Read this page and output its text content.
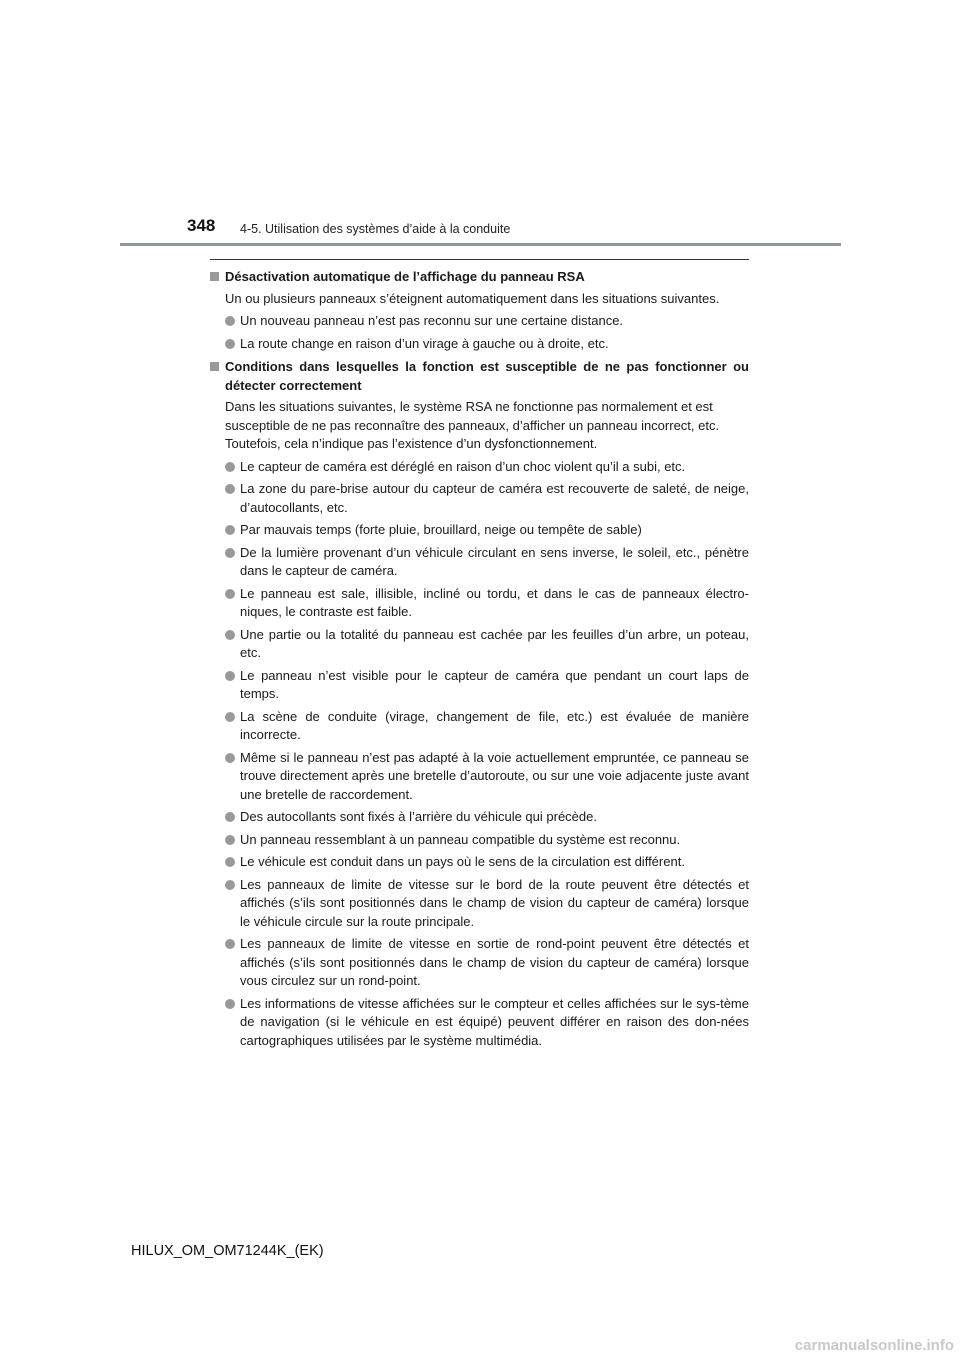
348 4-5. Utilisation des systèmes d’aide à la conduite
Désactivation automatique de l’affichage du panneau RSA
Un ou plusieurs panneaux s’éteignent automatiquement dans les situations suivantes.
Un nouveau panneau n’est pas reconnu sur une certaine distance.
La route change en raison d’un virage à gauche ou à droite, etc.
Conditions dans lesquelles la fonction est susceptible de ne pas fonctionner ou détecter correctement
Dans les situations suivantes, le système RSA ne fonctionne pas normalement et est
susceptible de ne pas reconnaître des panneaux, d’afficher un panneau incorrect, etc.
Toutefois, cela n’indique pas l’existence d’un dysfonctionnement.
Le capteur de caméra est déréglé en raison d’un choc violent qu’il a subi, etc.
La zone du pare-brise autour du capteur de caméra est recouverte de saleté, de neige, d’autocollants, etc.
Par mauvais temps (forte pluie, brouillard, neige ou tempête de sable)
De la lumière provenant d’un véhicule circulant en sens inverse, le soleil, etc., pénètre dans le capteur de caméra.
Le panneau est sale, illisible, incliné ou tordu, et dans le cas de panneaux électro-niques, le contraste est faible.
Une partie ou la totalité du panneau est cachée par les feuilles d’un arbre, un poteau, etc.
Le panneau n’est visible pour le capteur de caméra que pendant un court laps de temps.
La scène de conduite (virage, changement de file, etc.) est évaluée de manière incorrecte.
Même si le panneau n’est pas adapté à la voie actuellement empruntée, ce panneau se trouve directement après une bretelle d’autoroute, ou sur une voie adjacente juste avant une bretelle de raccordement.
Des autocollants sont fixés à l’arrière du véhicule qui précède.
Un panneau ressemblant à un panneau compatible du système est reconnu.
Le véhicule est conduit dans un pays où le sens de la circulation est différent.
Les panneaux de limite de vitesse sur le bord de la route peuvent être détectés et affichés (s’ils sont positionnés dans le champ de vision du capteur de caméra) lorsque le véhicule circule sur la route principale.
Les panneaux de limite de vitesse en sortie de rond-point peuvent être détectés et affichés (s’ils sont positionnés dans le champ de vision du capteur de caméra) lorsque vous circulez sur un rond-point.
Les informations de vitesse affichées sur le compteur et celles affichées sur le sys-tème de navigation (si le véhicule en est équipé) peuvent différer en raison des don-nées cartographiques utilisées par le système multimédia.
HILUX_OM_OM71244K_(EK)
carmanualsonline.info
